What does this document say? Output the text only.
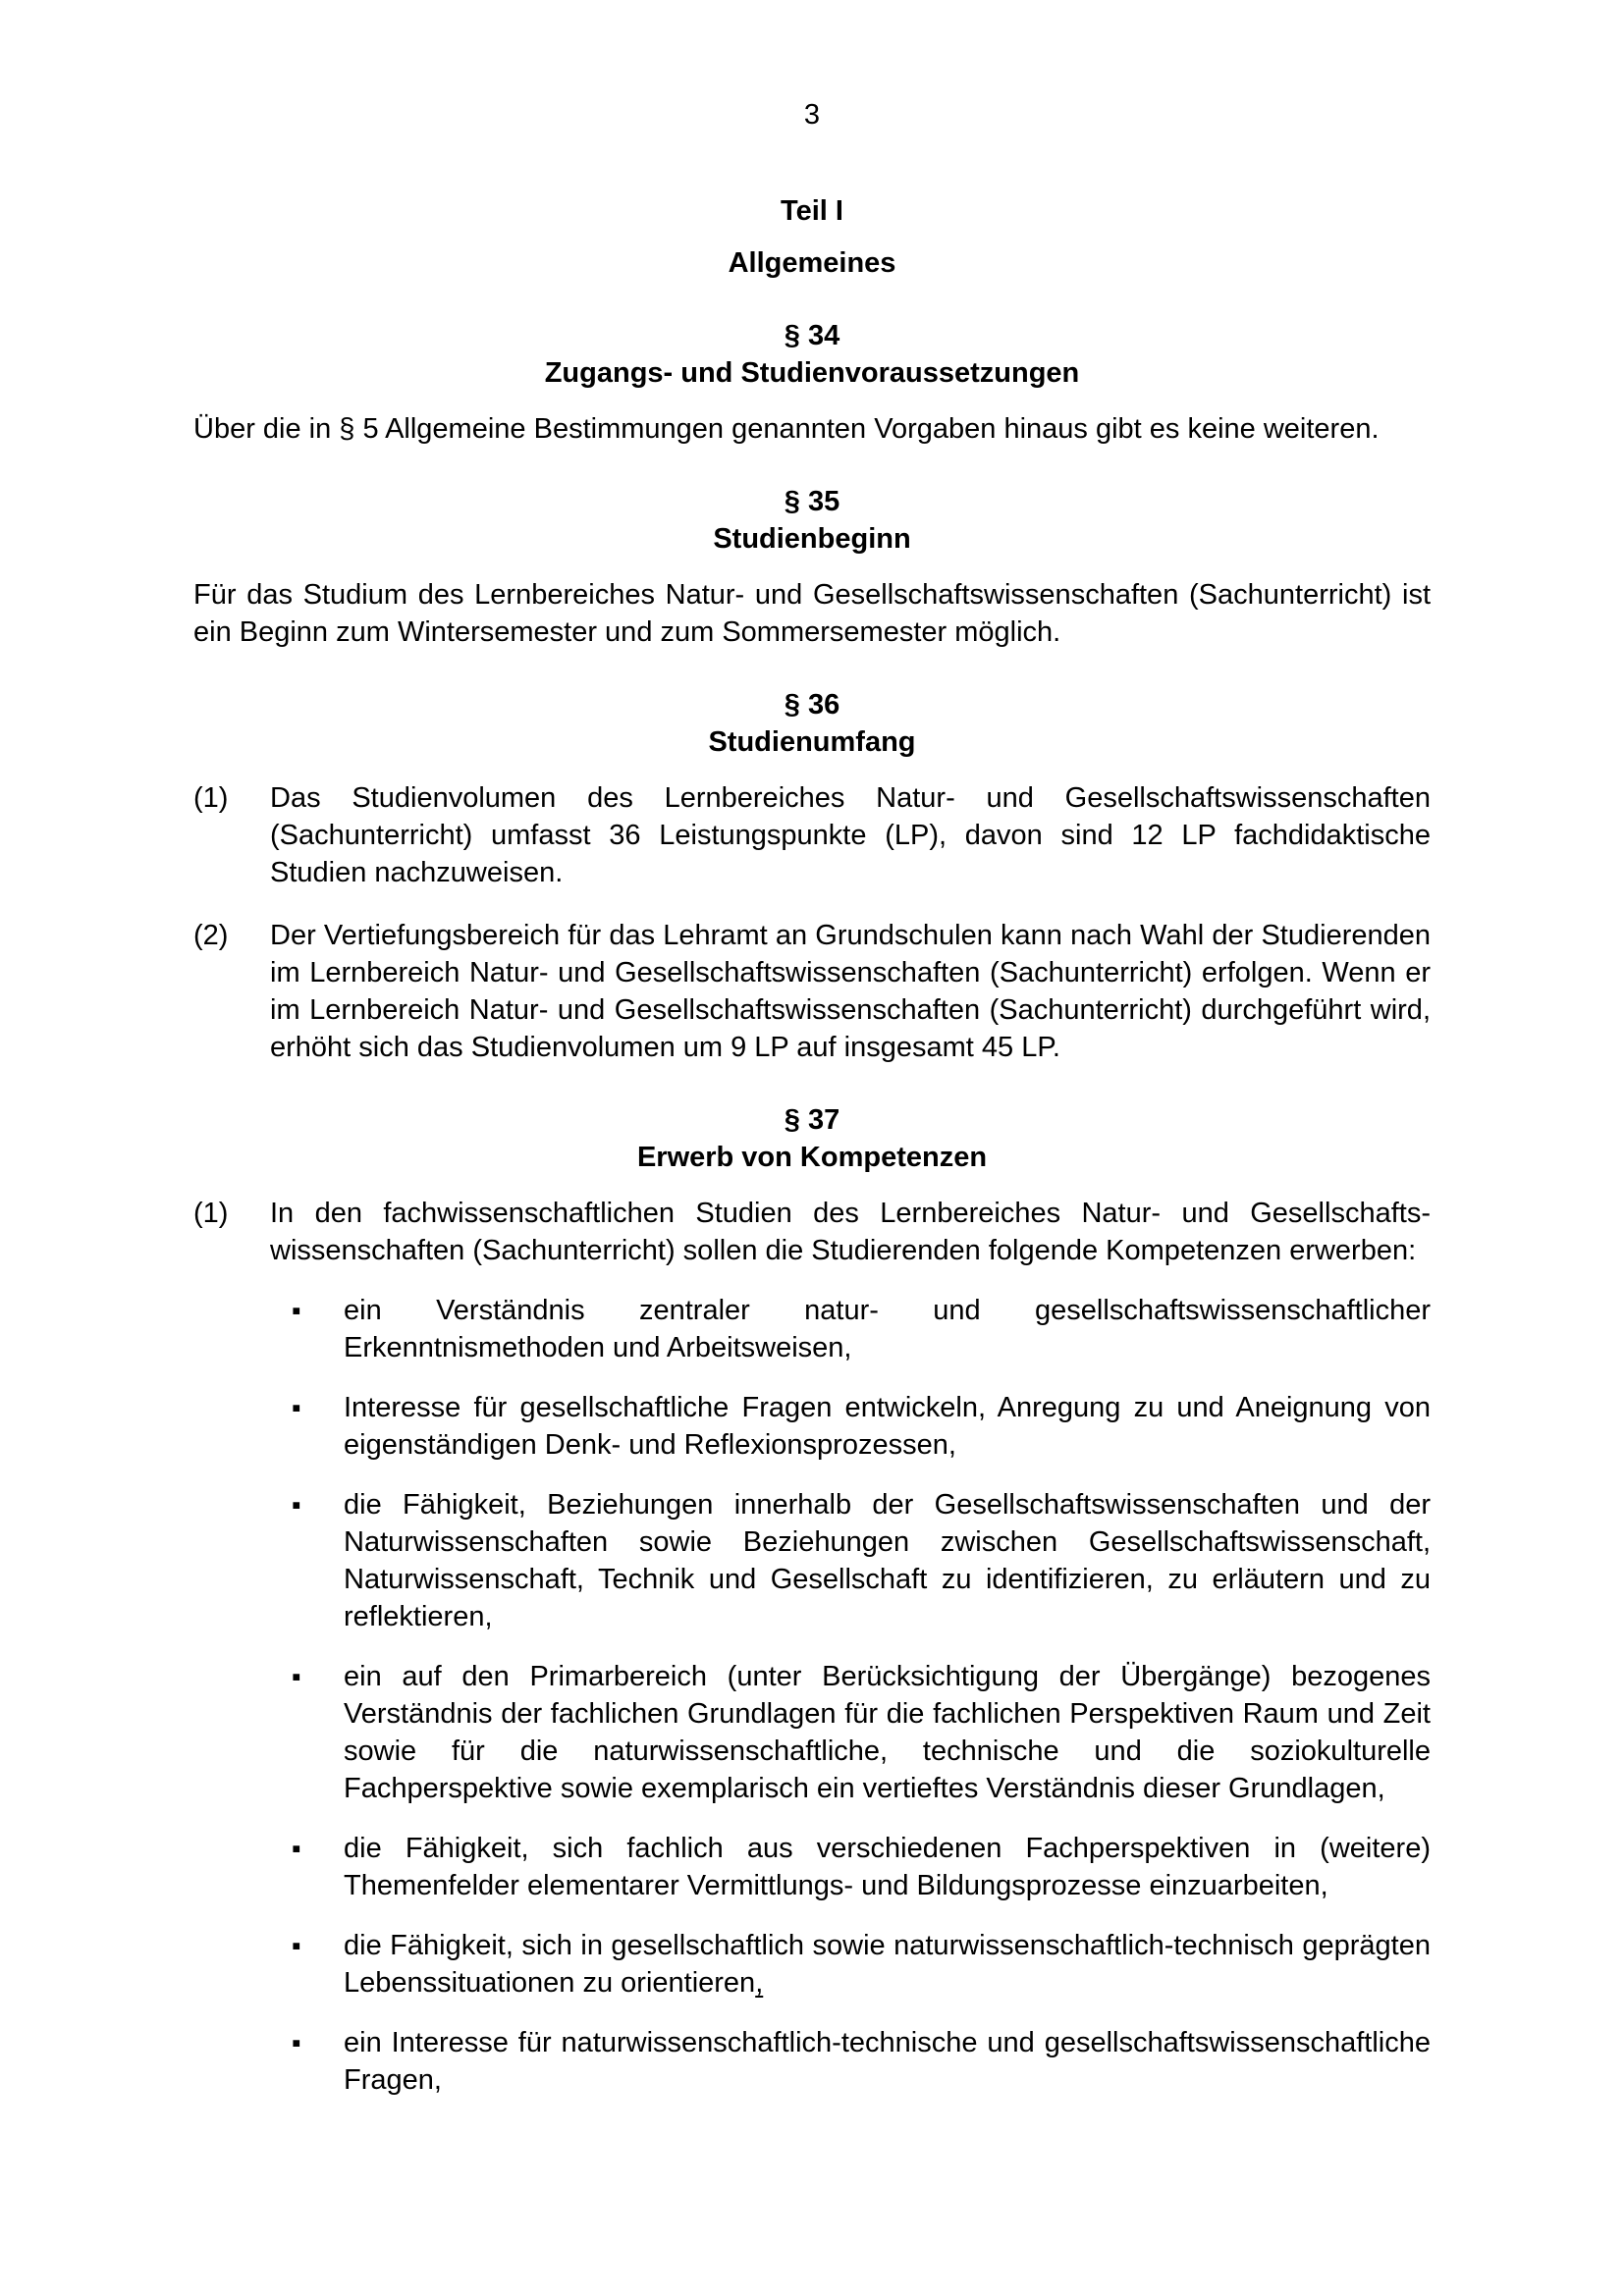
3
Teil I
Allgemeines
§ 34
Zugangs- und Studienvoraussetzungen

Über die in § 5 Allgemeine Bestimmungen genannten Vorgaben hinaus gibt es keine weiteren.

§ 35
Studienbeginn

Für das Studium des Lernbereiches Natur- und Gesellschaftswissenschaften (Sachunterricht) ist ein Beginn zum Wintersemester und zum Sommersemester möglich.

§ 36
Studienumfang
(1) Das Studienvolumen des Lernbereiches Natur- und Gesellschaftswissenschaften (Sachunterricht) umfasst 36 Leistungspunkte (LP), davon sind 12 LP fachdidaktische Studien nachzuweisen.
(2) Der Vertiefungsbereich für das Lehramt an Grundschulen kann nach Wahl der Studierenden im Lernbereich Natur- und Gesellschaftswissenschaften (Sachunterricht) erfolgen. Wenn er im Lernbereich Natur- und Gesellschaftswissenschaften (Sachunterricht) durchgeführt wird, erhöht sich das Studienvolumen um 9 LP auf insgesamt 45 LP.
§ 37
Erwerb von Kompetenzen
(1) In den fachwissenschaftlichen Studien des Lernbereiches Natur- und Gesellschaftswissenschaften (Sachunterricht) sollen die Studierenden folgende Kompetenzen erwerben:
▪ ein Verständnis zentraler natur- und gesellschaftswissenschaftlicher Erkenntnismethoden und Arbeitsweisen,
▪ Interesse für gesellschaftliche Fragen entwickeln, Anregung zu und Aneignung von eigenständigen Denk- und Reflexionsprozessen,
▪ die Fähigkeit, Beziehungen innerhalb der Gesellschaftswissenschaften und der Naturwissenschaften sowie Beziehungen zwischen Gesellschaftswissenschaft, Naturwissenschaft, Technik und Gesellschaft zu identifizieren, zu erläutern und zu reflektieren,
▪ ein auf den Primarbereich (unter Berücksichtigung der Übergänge) bezogenes Verständnis der fachlichen Grundlagen für die fachlichen Perspektiven Raum und Zeit sowie für die naturwissenschaftliche, technische und die soziokulturelle Fachperspektive sowie exemplarisch ein vertieftes Verständnis dieser Grundlagen,
▪ die Fähigkeit, sich fachlich aus verschiedenen Fachperspektiven in (weitere) Themenfelder elementarer Vermittlungs- und Bildungsprozesse einzuarbeiten,
▪ die Fähigkeit, sich in gesellschaftlich sowie naturwissenschaftlich-technisch geprägten Lebenssituationen zu orientieren,
▪ ein Interesse für naturwissenschaftlich-technische und gesellschaftswissenschaftliche Fragen,
